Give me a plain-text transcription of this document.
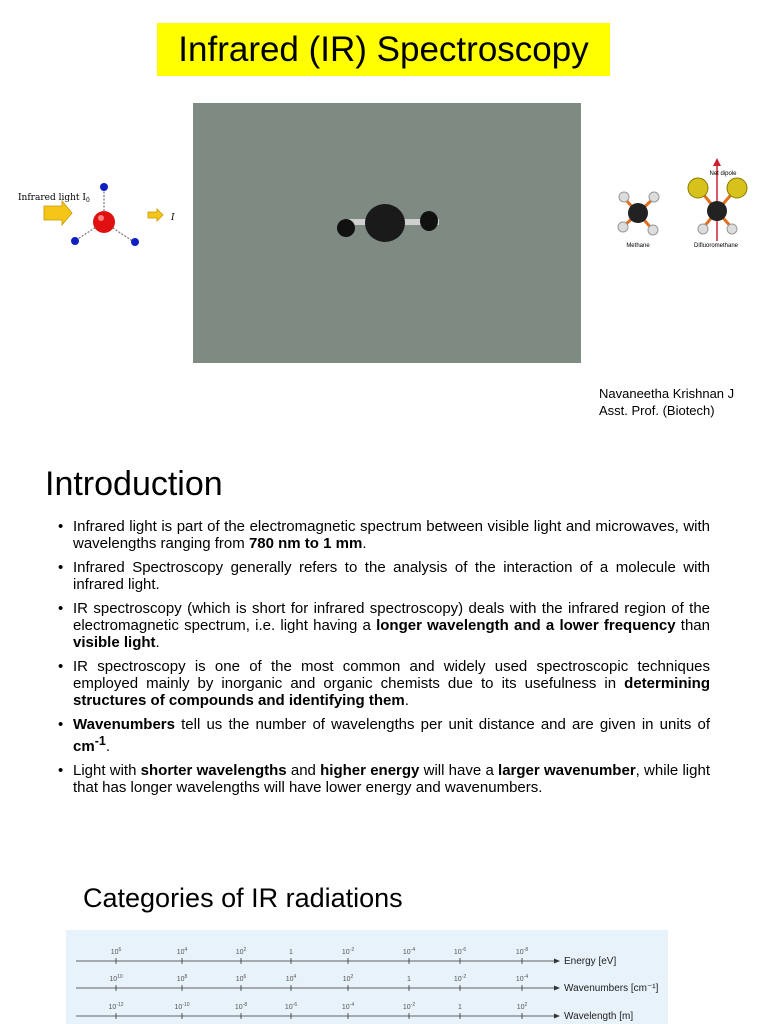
Infrared (IR) Spectroscopy
Infrared light $I_0$
I
Methane
Net dipole
Difluoromethane
Navaneetha Krishnan J
Asst. Prof. (Biotech)
Introduction
• Infrared light is part of the electromagnetic spectrum between visible light and microwaves, with wavelengths ranging from 780 nm to 1 mm.
• Infrared Spectroscopy generally refers to the analysis of the interaction of a molecule with infrared light.
• IR spectroscopy (which is short for infrared spectroscopy) deals with the infrared region of the electromagnetic spectrum, i.e. light having a longer wavelength and a lower frequency than visible light.
• IR spectroscopy is one of the most common and widely used spectroscopic techniques employed mainly by inorganic and organic chemists due to its usefulness in determining structures of compounds and identifying them.
• Wavenumbers tell us the number of wavelengths per unit distance and are given in units of $cm^{-1}$.
• Light with shorter wavelengths and higher energy will have a larger wavenumber, while light that has longer wavelengths will have lower energy and wavenumbers.
Categories of IR radiations
$10^6$	$10^4$	$10^2$	1	$10^{-2}$	$10^{-4}$	$10^{-6}$	$10^{-8}$
Energy [eV]
$10^{10}$	$10^8$	$10^6$	$10^4$	$10^2$	1	$10^{-2}$	$10^{-4}$
Wavenumbers [cm⁻¹]
$10^{-12}$	$10^{-10}$	$10^{-8}$	$10^{-6}$	$10^{-4}$	$10^{-2}$	1	$10^2$
Wavelength [m]
